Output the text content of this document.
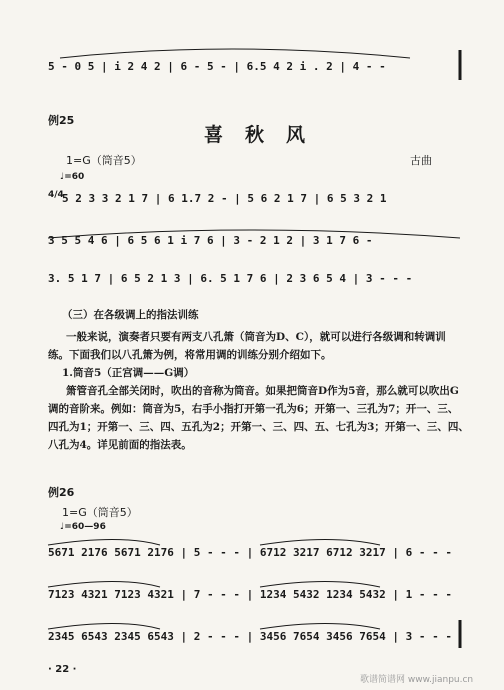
5 - 0 5 | i 2 4 2 | 6 - 5 - | 6.5 4 2 i . 2 | 4 - -
例25
喜秋风
1=G（筒音5）	古曲
♩=60
4/4
5 2 3 3 2 1 7 | 6 1.7 2 - | 5 6 2 1 7 | 6 5 3 2 1
3 5 5 4 6 | 6 5 6 1 i 7 6 | 3 - 2 1 2 | 3 1 7 6 -
3. 5 1 7 | 6 5 2 1 3 | 6. 5 1 7 6 | 2 3 6 5 4 | 3 - - -
（三）在各级调上的指法训练
一般来说，演奏者只要有两支八孔箫（筒音为D、C），就可以进行各级调和转调训
练。下面我们以八孔箫为例，将常用调的训练分别介绍如下。
1.筒音5（正宫调——G调）
箫管音孔全部关闭时，吹出的音称为筒音。如果把筒音D作为5音，那么就可以吹出G
调的音阶来。例如：筒音为5，右手小指打开第一孔为6；开第一、三孔为7；开一、三、
四孔为1；开第一、三、四、五孔为2；开第一、三、四、五、七孔为3；开第一、三、四、
八孔为4。详见前面的指法表。
例26
1=G（筒音5）
♩=60—96
5671 2176 5671 2176 | 5 - - - | 6712 3217 6712 3217 | 6 - - -
7123 4321 7123 4321 | 7 - - - | 1234 5432 1234 5432 | 1 - - -
2345 6543 2345 6543 | 2 - - - | 3456 7654 3456 7654 | 3 - - -
· 22 ·
歌谱简谱网 www.jianpu.cn
